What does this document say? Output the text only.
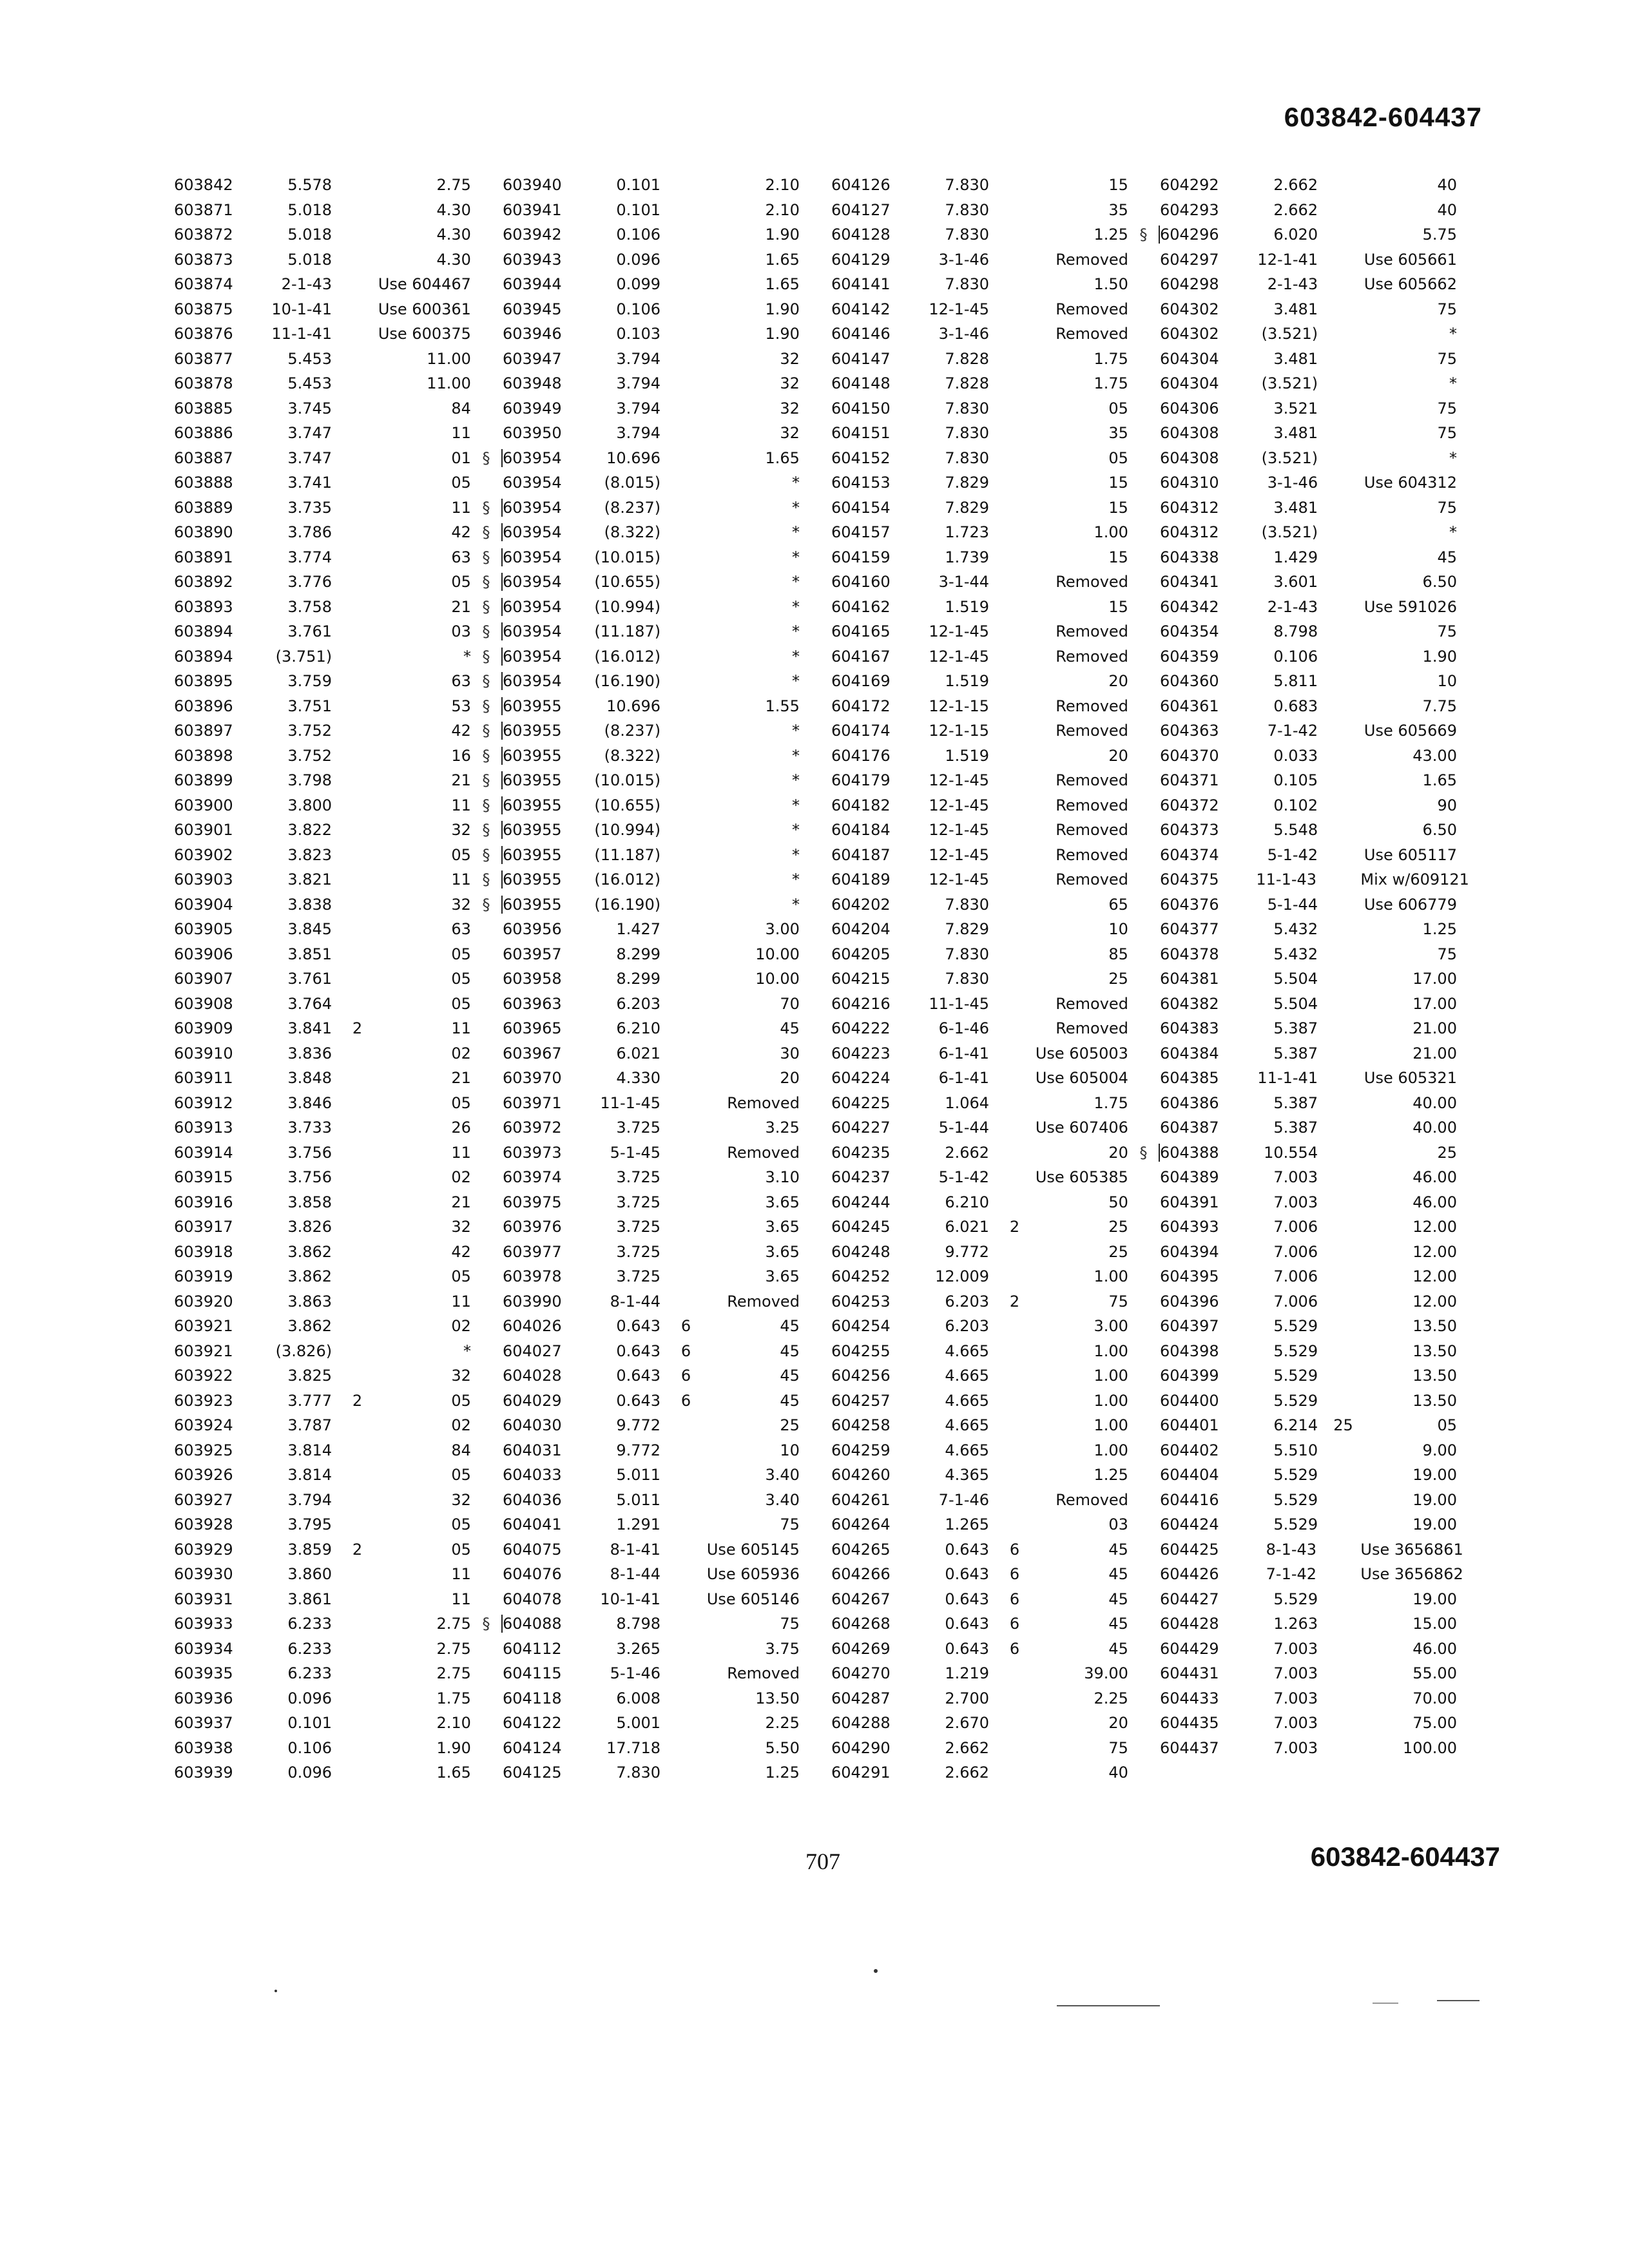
603842-604437
603842	5.578	2.75
603871	5.018	4.30
603872	5.018	4.30
603873	5.018	4.30
603874	2-1-43	Use 604467
603875	10-1-41	Use 600361
603876	11-1-41	Use 600375
603877	5.453	11.00
603878	5.453	11.00
603885	3.745	84
603886	3.747	11
603887	3.747	01 §
603888	3.741	05
603889	3.735	11 §
603890	3.786	42 §
603891	3.774	63 §
603892	3.776	05 §
603893	3.758	21 §
603894	3.761	03 §
603894	(3.751)	* §
603895	3.759	63 §
603896	3.751	53 §
603897	3.752	42 §
603898	3.752	16 §
603899	3.798	21 §
603900	3.800	11 §
603901	3.822	32 §
603902	3.823	05 §
603903	3.821	11 §
603904	3.838	32 §
603905	3.845	63
603906	3.851	05
603907	3.761	05
603908	3.764	05
603909	3.841	2	11
603910	3.836	02
603911	3.848	21
603912	3.846	05
603913	3.733	26
603914	3.756	11
603915	3.756	02
603916	3.858	21
603917	3.826	32
603918	3.862	42
603919	3.862	05
603920	3.863	11
603921	3.862	02
603921	(3.826)	*
603922	3.825	32
603923	3.777	2	05
603924	3.787	02
603925	3.814	84
603926	3.814	05
603927	3.794	32
603928	3.795	05
603929	3.859	2	05
603930	3.860	11
603931	3.861	11
603933	6.233	2.75 §
603934	6.233	2.75
603935	6.233	2.75
603936	0.096	1.75
603937	0.101	2.10
603938	0.106	1.90
603939	0.096	1.65
603940	0.101	2.10
603941	0.101	2.10
603942	0.106	1.90
603943	0.096	1.65
603944	0.099	1.65
603945	0.106	1.90
603946	0.103	1.90
603947	3.794	32
603948	3.794	32
603949	3.794	32
603950	3.794	32
603954	10.696	1.65
603954	(8.015)	*
603954	(8.237)	*
603954	(8.322)	*
603954	(10.015)	*
603954	(10.655)	*
603954	(10.994)	*
603954	(11.187)	*
603954	(16.012)	*
603954	(16.190)	*
603955	10.696	1.55
603955	(8.237)	*
603955	(8.322)	*
603955	(10.015)	*
603955	(10.655)	*
603955	(10.994)	*
603955	(11.187)	*
603955	(16.012)	*
603955	(16.190)	*
603956	1.427	3.00
603957	8.299	10.00
603958	8.299	10.00
603963	6.203	70
603965	6.210	45
603967	6.021	30
603970	4.330	20
603971	11-1-45	Removed
603972	3.725	3.25
603973	5-1-45	Removed
603974	3.725	3.10
603975	3.725	3.65
603976	3.725	3.65
603977	3.725	3.65
603978	3.725	3.65
603990	8-1-44	Removed
604026	0.643	6	45
604027	0.643	6	45
604028	0.643	6	45
604029	0.643	6	45
604030	9.772	25
604031	9.772	10
604033	5.011	3.40
604036	5.011	3.40
604041	1.291	75
604075	8-1-41	Use 605145
604076	8-1-44	Use 605936
604078	10-1-41	Use 605146
604088	8.798	75
604112	3.265	3.75
604115	5-1-46	Removed
604118	6.008	13.50
604122	5.001	2.25
604124	17.718	5.50
604125	7.830	1.25
604126	7.830	15
604127	7.830	35
604128	7.830	1.25 §
604129	3-1-46	Removed
604141	7.830	1.50
604142	12-1-45	Removed
604146	3-1-46	Removed
604147	7.828	1.75
604148	7.828	1.75
604150	7.830	05
604151	7.830	35
604152	7.830	05
604153	7.829	15
604154	7.829	15
604157	1.723	1.00
604159	1.739	15
604160	3-1-44	Removed
604162	1.519	15
604165	12-1-45	Removed
604167	12-1-45	Removed
604169	1.519	20
604172	12-1-15	Removed
604174	12-1-15	Removed
604176	1.519	20
604179	12-1-45	Removed
604182	12-1-45	Removed
604184	12-1-45	Removed
604187	12-1-45	Removed
604189	12-1-45	Removed
604202	7.830	65
604204	7.829	10
604205	7.830	85
604215	7.830	25
604216	11-1-45	Removed
604222	6-1-46	Removed
604223	6-1-41	Use 605003
604224	6-1-41	Use 605004
604225	1.064	1.75
604227	5-1-44	Use 607406
604235	2.662	20 §
604237	5-1-42	Use 605385
604244	6.210	50
604245	6.021	2	25
604248	9.772	25
604252	12.009	1.00
604253	6.203	2	75
604254	6.203	3.00
604255	4.665	1.00
604256	4.665	1.00
604257	4.665	1.00
604258	4.665	1.00
604259	4.665	1.00
604260	4.365	1.25
604261	7-1-46	Removed
604264	1.265	03
604265	0.643	6	45
604266	0.643	6	45
604267	0.643	6	45
604268	0.643	6	45
604269	0.643	6	45
604270	1.219	39.00
604287	2.700	2.25
604288	2.670	20
604290	2.662	75
604291	2.662	40
604292	2.662	40
604293	2.662	40
604296	6.020	5.75
604297	12-1-41	Use 605661
604298	2-1-43	Use 605662
604302	3.481	75
604302	(3.521)	*
604304	3.481	75
604304	(3.521)	*
604306	3.521	75
604308	3.481	75
604308	(3.521)	*
604310	3-1-46	Use 604312
604312	3.481	75
604312	(3.521)	*
604338	1.429	45
604341	3.601	6.50
604342	2-1-43	Use 591026
604354	8.798	75
604359	0.106	1.90
604360	5.811	10
604361	0.683	7.75
604363	7-1-42	Use 605669
604370	0.033	43.00
604371	0.105	1.65
604372	0.102	90
604373	5.548	6.50
604374	5-1-42	Use 605117
604375	11-1-43	Mix w/609121
604376	5-1-44	Use 606779
604377	5.432	1.25
604378	5.432	75
604381	5.504	17.00
604382	5.504	17.00
604383	5.387	21.00
604384	5.387	21.00
604385	11-1-41	Use 605321
604386	5.387	40.00
604387	5.387	40.00
604388	10.554	25
604389	7.003	46.00
604391	7.003	46.00
604393	7.006	12.00
604394	7.006	12.00
604395	7.006	12.00
604396	7.006	12.00
604397	5.529	13.50
604398	5.529	13.50
604399	5.529	13.50
604400	5.529	13.50
604401	6.214	25	05
604402	5.510	9.00
604404	5.529	19.00
604416	5.529	19.00
604424	5.529	19.00
604425	8-1-43	Use 3656861
604426	7-1-42	Use 3656862
604427	5.529	19.00
604428	1.263	15.00
604429	7.003	46.00
604431	7.003	55.00
604433	7.003	70.00
604435	7.003	75.00
604437	7.003	100.00
707	603842-604437
